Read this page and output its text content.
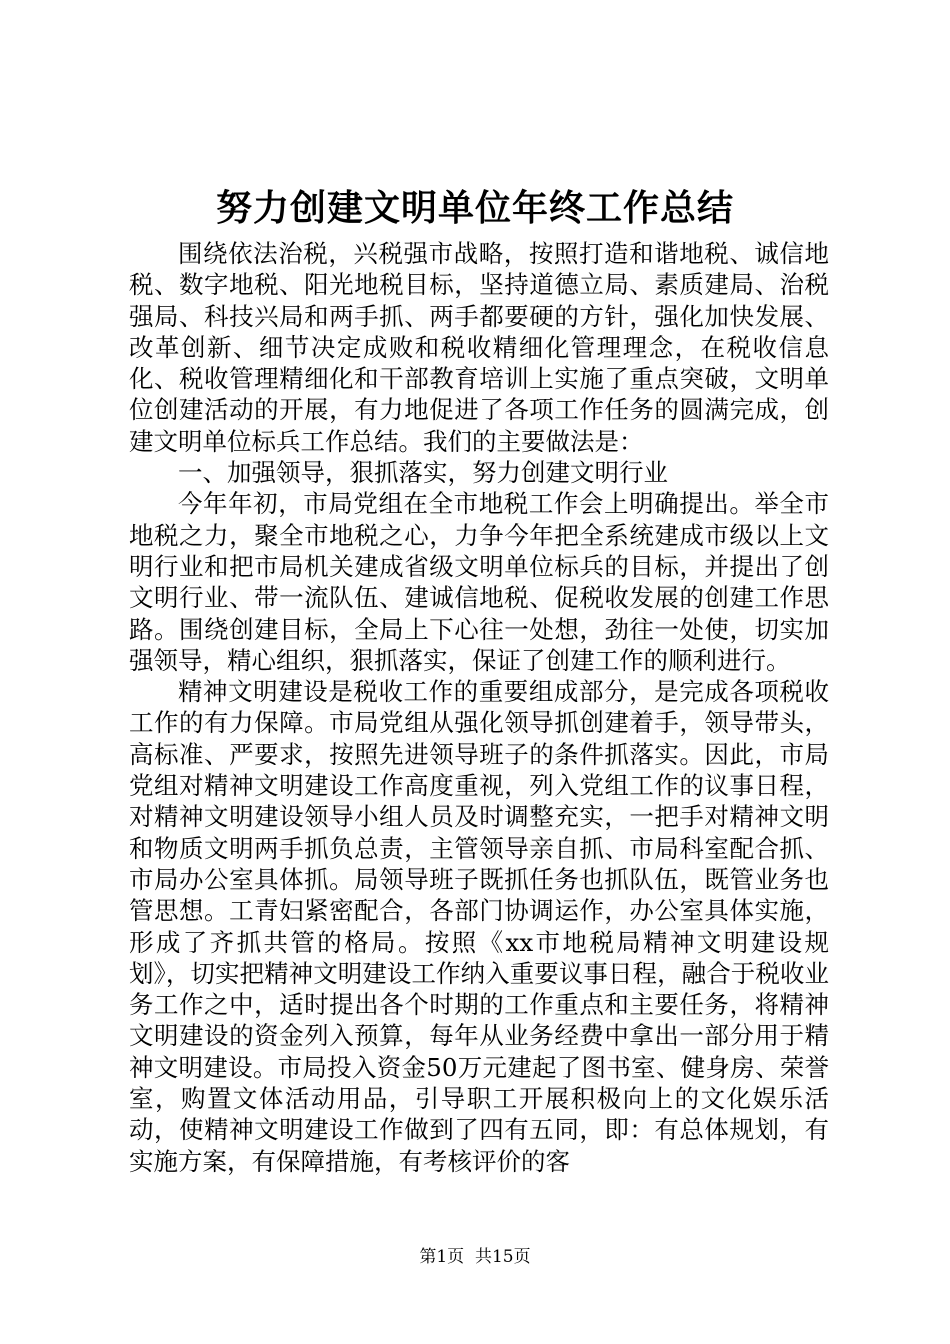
努力创建文明单位年终工作总结

围绕依法治税，兴税强市战略，按照打造和谐地税、诚信地税、数字地税、阳光地税目标，坚持道德立局、素质建局、治税强局、科技兴局和两手抓、两手都要硬的方针，强化加快发展、改革创新、细节决定成败和税收精细化管理理念，在税收信息化、税收管理精细化和干部教育培训上实施了重点突破，文明单位创建活动的开展，有力地促进了各项工作任务的圆满完成，创建文明单位标兵工作总结。我们的主要做法是：

一、加强领导，狠抓落实，努力创建文明行业

今年年初，市局党组在全市地税工作会上明确提出。举全市地税之力，聚全市地税之心，力争今年把全系统建成市级以上文明行业和把市局机关建成省级文明单位标兵的目标，并提出了创文明行业、带一流队伍、建诚信地税、促税收发展的创建工作思路。围绕创建目标，全局上下心往一处想，劲往一处使，切实加强领导，精心组织，狠抓落实，保证了创建工作的顺利进行。

精神文明建设是税收工作的重要组成部分，是完成各项税收工作的有力保障。市局党组从强化领导抓创建着手，领导带头，高标准、严要求，按照先进领导班子的条件抓落实。因此，市局党组对精神文明建设工作高度重视，列入党组工作的议事日程，对精神文明建设领导小组人员及时调整充实，一把手对精神文明和物质文明两手抓负总责，主管领导亲自抓、市局科室配合抓、市局办公室具体抓。局领导班子既抓任务也抓队伍，既管业务也管思想。工青妇紧密配合，各部门协调运作，办公室具体实施，形成了齐抓共管的格局。按照《xx市地税局精神文明建设规划》，切实把精神文明建设工作纳入重要议事日程，融合于税收业务工作之中，适时提出各个时期的工作重点和主要任务，将精神文明建设的资金列入预算，每年从业务经费中拿出一部分用于精神文明建设。市局投入资金50万元建起了图书室、健身房、荣誉室，购置文体活动用品，引导职工开展积极向上的文化娱乐活动，使精神文明建设工作做到了四有五同，即：有总体规划，有实施方案，有保障措施，有考核评价的客

第1页  共15页
